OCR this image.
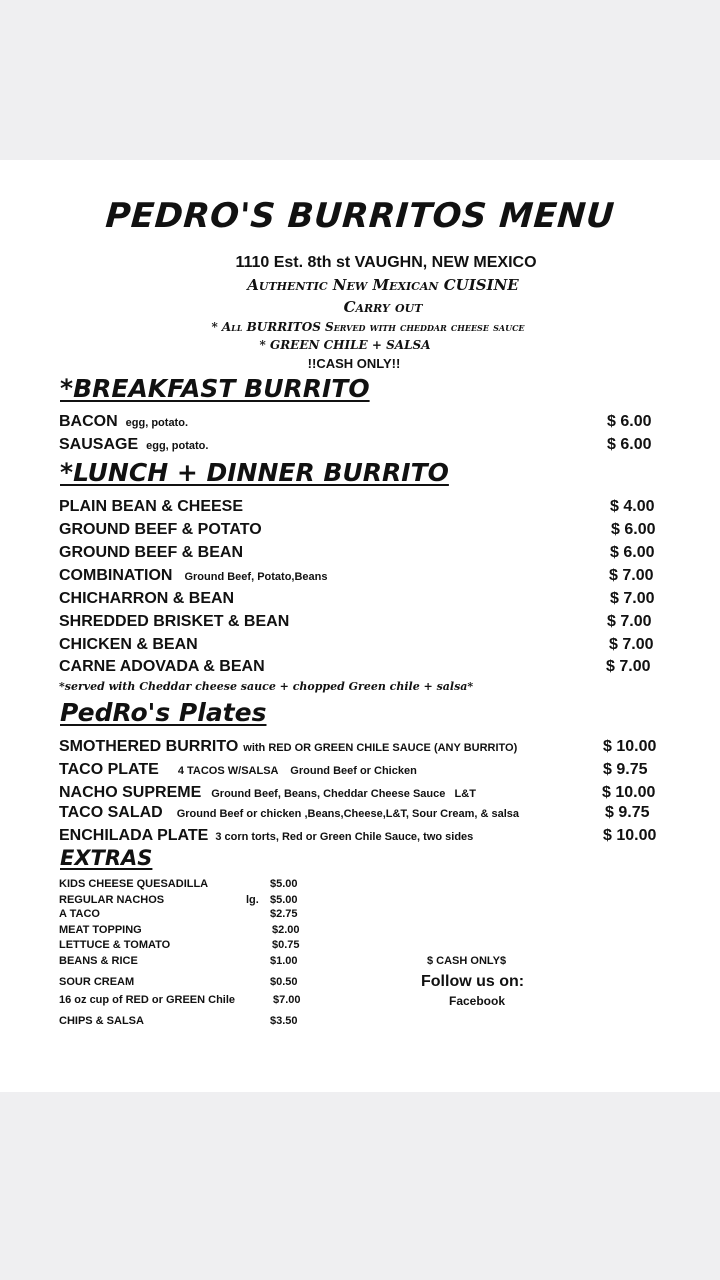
PEDRO'S BURRITOS MENU
1110 Est. 8th st VAUGHN, NEW MEXICO
Authentic New Mexican CUISINE
Carry out
* All BURRITOS Served with cheddar cheese sauce
* GREEN CHILE + SALSA
!!CASH ONLY!!
*BREAKFAST BURRITO
BACON egg, potato.	$ 6.00
SAUSAGE egg, potato.	$ 6.00
*LUNCH + DINNER BURRITO
PLAIN BEAN & CHEESE	$ 4.00
GROUND BEEF & POTATO	$ 6.00
GROUND BEEF & BEAN	$ 6.00
COMBINATION Ground Beef, Potato,Beans	$ 7.00
CHICHARRON & BEAN	$ 7.00
SHREDDED BRISKET & BEAN	$ 7.00
CHICKEN & BEAN	$ 7.00
CARNE ADOVADA & BEAN	$ 7.00
*served with Cheddar cheese sauce + chopped Green chile + salsa*
PedRo's Plates
SMOTHERED BURRITO with RED OR GREEN CHILE SAUCE (ANY BURRITO)	$ 10.00
TACO PLATE 4 TACOS W/SALSA    Ground Beef or Chicken	$ 9.75
NACHO SUPREME Ground Beef, Beans, Cheddar Cheese Sauce   L&T	$ 10.00
TACO SALAD Ground Beef or chicken ,Beans,Cheese,L&T, Sour Cream, & salsa	$ 9.75
ENCHILADA PLATE 3 corn torts, Red or Green Chile Sauce, two sides	$ 10.00
EXTRAS
KIDS CHEESE QUESADILLA	$5.00
REGULAR NACHOS	lg. $5.00
A TACO	$2.75
MEAT TOPPING	$2.00
LETTUCE & TOMATO	$0.75
BEANS & RICE	$1.00
SOUR CREAM	$0.50
16 oz cup of RED or GREEN Chile	$7.00
CHIPS & SALSA	$3.50
$ CASH ONLY$
Follow us on:
Facebook
